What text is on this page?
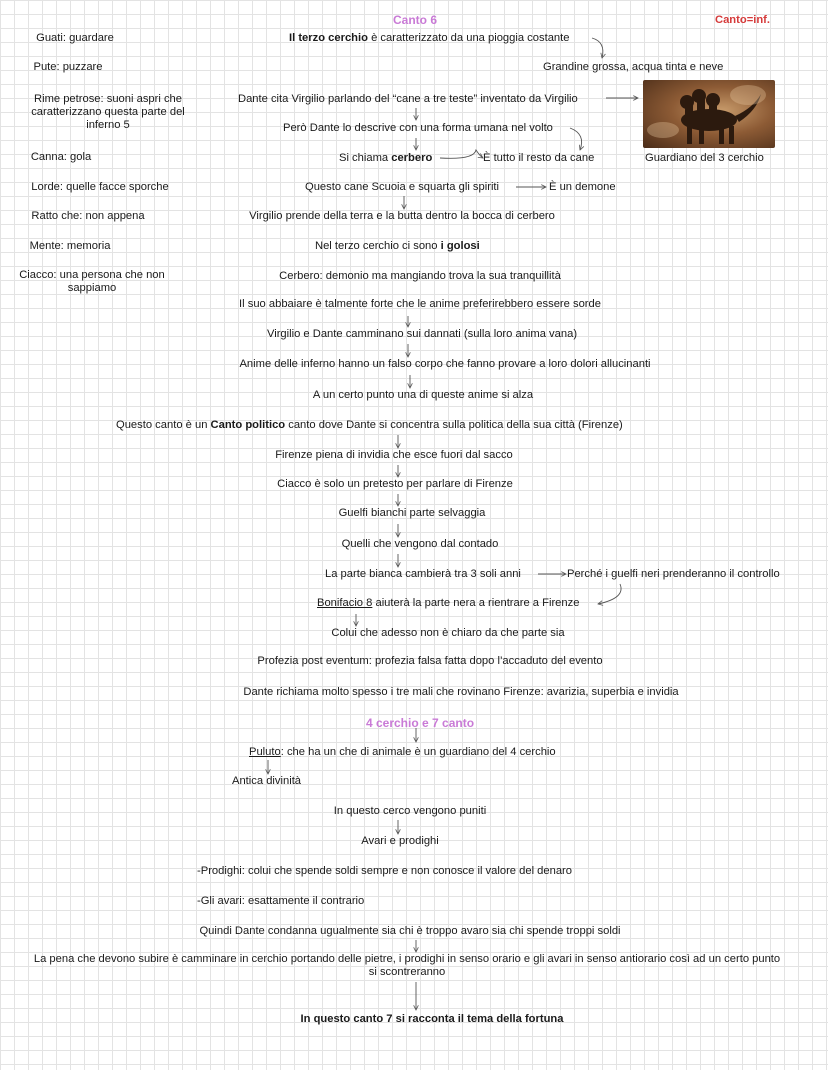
Canto 6	Canto=inf.
Guati: guardare
Pute: puzzare
Rime petrose: suoni aspri che caratterizzano questa parte del inferno 5
Canna: gola
Lorde: quelle facce sporche
Ratto che: non appena
Mente: memoria
Ciacco: una persona che non sappiamo
Il terzo cerchio è caratterizzato da una pioggia costante
Grandine grossa, acqua tinta e neve
Dante cita Virgilio parlando del “cane a tre teste” inventato da Virgilio
Però Dante lo descrive con una forma umana nel volto
Si chiama cerbero	È tutto il resto da cane	Guardiano del 3 cerchio
Questo cane Scuoia e squarta gli spiriti	È un demone
Virgilio prende della terra e la butta dentro la bocca di cerbero
Nel terzo cerchio ci sono i golosi
Cerbero: demonio ma mangiando trova la sua tranquillità
Il suo abbaiare è talmente forte che le anime preferirebbero essere sorde
Virgilio e Dante camminano sui dannati (sulla loro anima vana)
Anime delle inferno hanno un falso corpo che fanno provare a loro dolori allucinanti
A un certo punto una di queste anime si alza
Questo canto è un Canto politico canto dove Dante si concentra sulla politica della sua città (Firenze)
Firenze piena di invidia che esce fuori dal sacco
Ciacco è solo un pretesto per parlare di Firenze
Guelfi bianchi parte selvaggia
Quelli che vengono dal contado
La parte bianca cambierà tra 3 soli anni	Perché i guelfi neri prenderanno il controllo
Bonifacio 8 aiuterà la parte nera a rientrare a Firenze
Colui che adesso non è chiaro da che parte sia
Profezia post eventum: profezia falsa fatta dopo l’accaduto del evento
Dante richiama molto spesso i tre mali che rovinano Firenze: avarizia, superbia e invidia
4 cerchio e 7 canto
Puluto: che ha un che di animale è un guardiano del 4 cerchio
Antica divinità
In questo cerco vengono puniti
Avari e prodighi
-Prodighi: colui che spende soldi sempre e non conosce il valore del denaro
-Gli avari: esattamente il contrario
Quindi Dante condanna ugualmente sia chi è troppo avaro sia chi spende troppi soldi
La pena che devono subire è camminare in cerchio portando delle pietre, i prodighi in senso orario e gli avari in senso antiorario così ad un certo punto si scontreranno
In questo canto 7 si racconta il tema della fortuna
